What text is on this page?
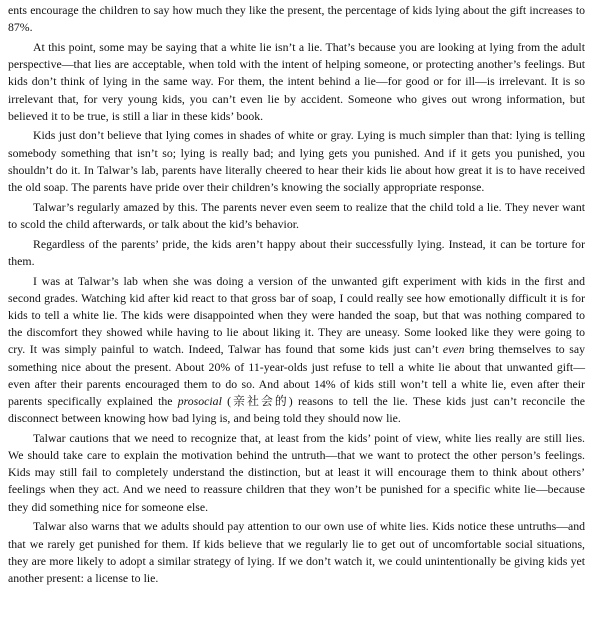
ents encourage the children to say how much they like the present, the percentage of kids lying about the gift increases to 87%.

At this point, some may be saying that a white lie isn’t a lie. That’s because you are looking at lying from the adult perspective—that lies are acceptable, when told with the intent of helping someone, or protecting another’s feelings. But kids don’t think of lying in the same way. For them, the intent behind a lie—for good or for ill—is irrelevant. It is so irrelevant that, for very young kids, you can’t even lie by accident. Someone who gives out wrong information, but believed it to be true, is still a liar in these kids’ book.

Kids just don’t believe that lying comes in shades of white or gray. Lying is much simpler than that: lying is telling somebody something that isn’t so; lying is really bad; and lying gets you punished. And if it gets you punished, you shouldn’t do it. In Talwar’s lab, parents have literally cheered to hear their kids lie about how great it is to have received the old soap. The parents have pride over their children’s knowing the socially appropriate response.

Talwar’s regularly amazed by this. The parents never even seem to realize that the child told a lie. They never want to scold the child afterwards, or talk about the kid’s behavior.

Regardless of the parents’ pride, the kids aren’t happy about their successfully lying. Instead, it can be torture for them.

I was at Talwar’s lab when she was doing a version of the unwanted gift experiment with kids in the first and second grades. Watching kid after kid react to that gross bar of soap, I could really see how emotionally difficult it is for kids to tell a white lie. The kids were disappointed when they were handed the soap, but that was nothing compared to the discomfort they showed while having to lie about liking it. They are uneasy. Some looked like they were going to cry. It was simply painful to watch. Indeed, Talwar has found that some kids just can’t even bring themselves to say something nice about the present. About 20% of 11-year-olds just refuse to tell a white lie about that unwanted gift—even after their parents encouraged them to do so. And about 14% of kids still won’t tell a white lie, even after their parents specifically explained the prosocial (亲社会的) reasons to tell the lie. These kids just can’t reconcile the disconnect between knowing how bad lying is, and being told they should now lie.

Talwar cautions that we need to recognize that, at least from the kids’ point of view, white lies really are still lies. We should take care to explain the motivation behind the untruth—that we want to protect the other person’s feelings. Kids may still fail to completely understand the distinction, but at least it will encourage them to think about others’ feelings when they act. And we need to reassure children that they won’t be punished for a specific white lie—because they did something nice for someone else.

Talwar also warns that we adults should pay attention to our own use of white lies. Kids notice these untruths—and that we rarely get punished for them. If kids believe that we regularly lie to get out of uncomfortable social situations, they are more likely to adopt a similar strategy of lying. If we don’t watch it, we could unintentionally be giving kids yet another present: a license to lie.
